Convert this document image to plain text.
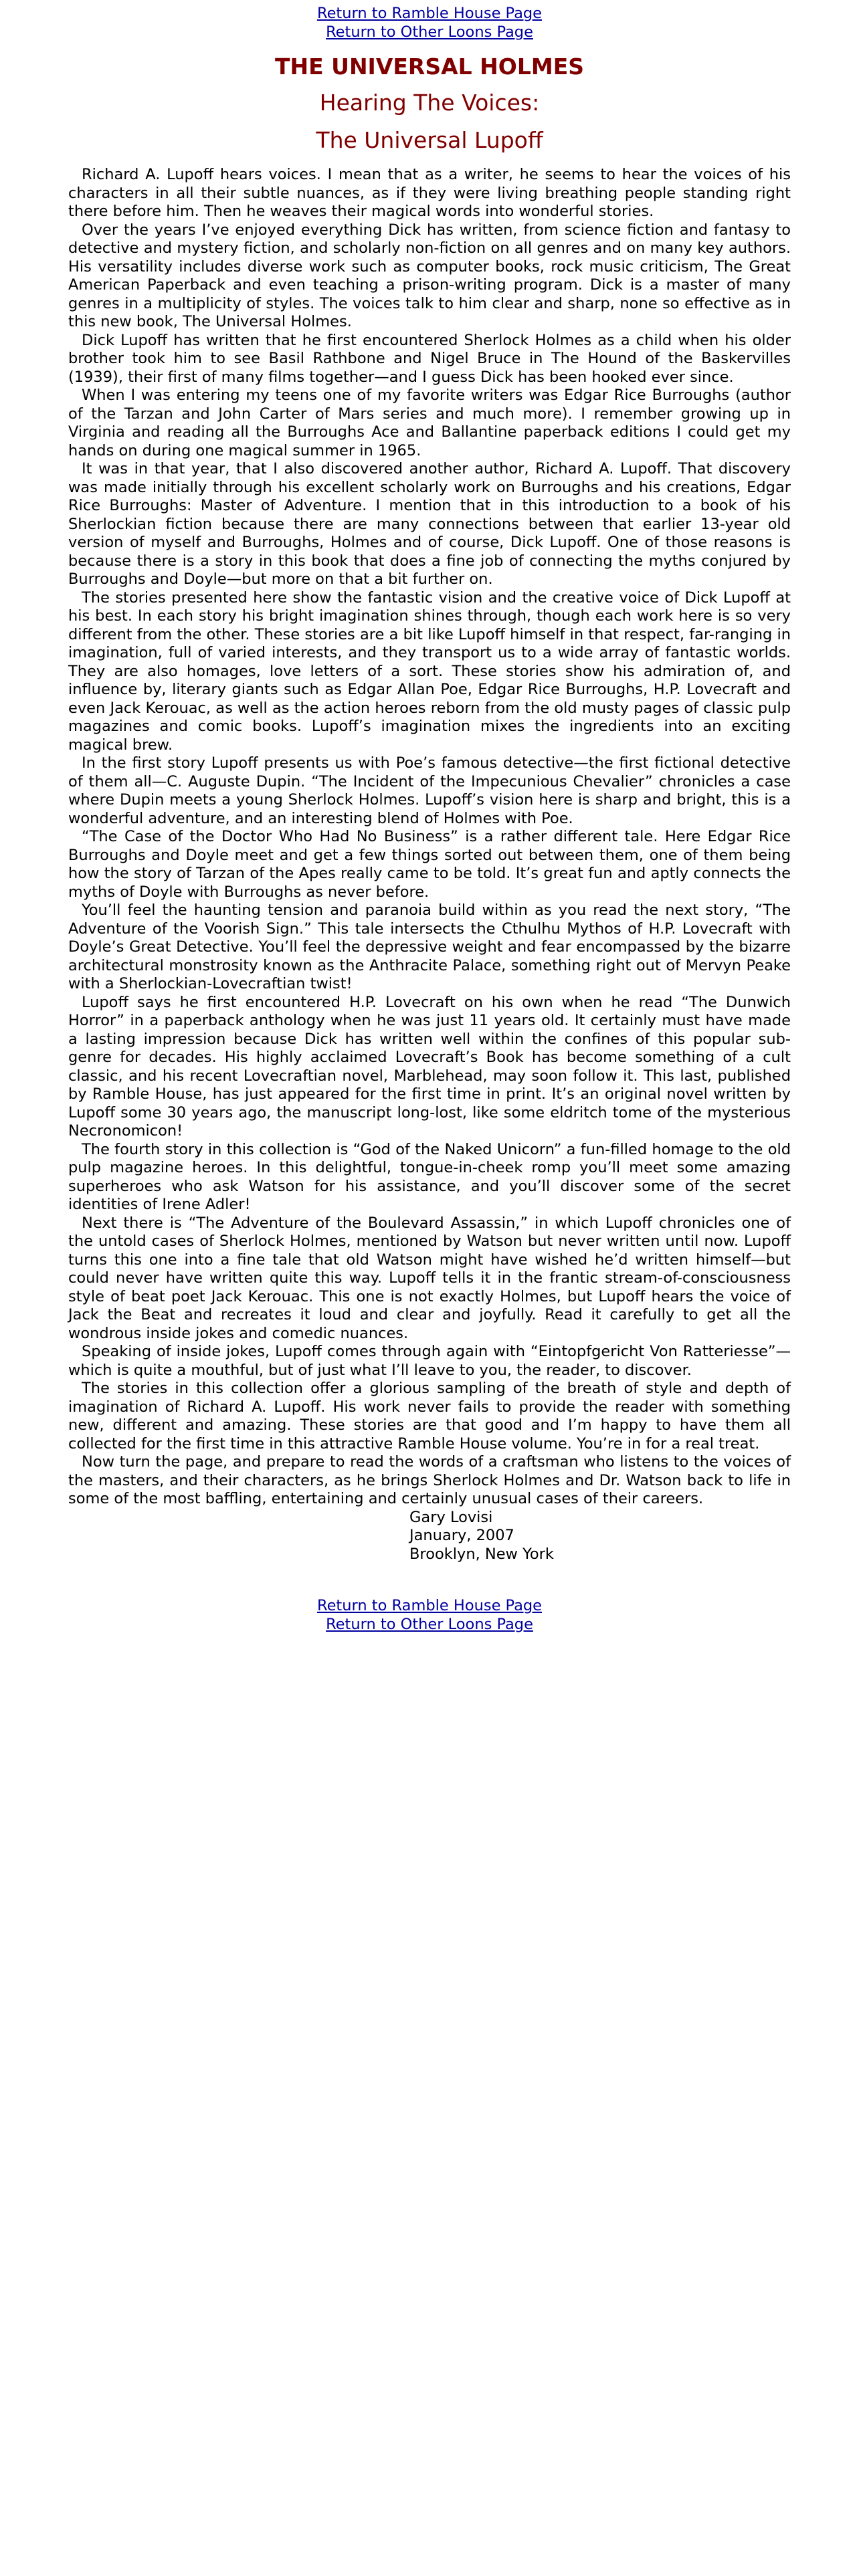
Return to Ramble House Page
Return to Other Loons Page
THE UNIVERSAL HOLMES
Hearing The Voices:
The Universal Lupoff

Richard A. Lupoff hears voices. I mean that as a writer, he seems to hear the voices of his characters in all their subtle nuances, as if they were living breathing people standing right there before him. Then he weaves their magical words into wonderful stories.

Over the years I’ve enjoyed everything Dick has written, from science fiction and fantasy to detective and mystery fiction, and scholarly non-fiction on all genres and on many key authors. His versatility includes diverse work such as computer books, rock music criticism, The Great American Paperback and even teaching a prison-writing program. Dick is a master of many genres in a multiplicity of styles. The voices talk to him clear and sharp, none so effective as in this new book, The Universal Holmes.

Dick Lupoff has written that he first encountered Sherlock Holmes as a child when his older brother took him to see Basil Rathbone and Nigel Bruce in The Hound of the Baskervilles (1939), their first of many films together—and I guess Dick has been hooked ever since.

When I was entering my teens one of my favorite writers was Edgar Rice Burroughs (author of the Tarzan and John Carter of Mars series and much more). I remember growing up in Virginia and reading all the Burroughs Ace and Ballantine paperback editions I could get my hands on during one magical summer in 1965.

It was in that year, that I also discovered another author, Richard A. Lupoff. That discovery was made initially through his excellent scholarly work on Burroughs and his creations, Edgar Rice Burroughs: Master of Adventure. I mention that in this introduction to a book of his Sherlockian fiction because there are many connections between that earlier 13-year old version of myself and Burroughs, Holmes and of course, Dick Lupoff. One of those reasons is because there is a story in this book that does a fine job of connecting the myths conjured by Burroughs and Doyle—but more on that a bit further on.

The stories presented here show the fantastic vision and the creative voice of Dick Lupoff at his best. In each story his bright imagination shines through, though each work here is so very different from the other. These stories are a bit like Lupoff himself in that respect, far-ranging in imagination, full of varied interests, and they transport us to a wide array of fantastic worlds. They are also homages, love letters of a sort. These stories show his admiration of, and influence by, literary giants such as Edgar Allan Poe, Edgar Rice Burroughs, H.P. Lovecraft and even Jack Kerouac, as well as the action heroes reborn from the old musty pages of classic pulp magazines and comic books. Lupoff’s imagination mixes the ingredients into an exciting magical brew.

In the first story Lupoff presents us with Poe’s famous detective—the first fictional detective of them all—C. Auguste Dupin. “The Incident of the Impecunious Chevalier” chronicles a case where Dupin meets a young Sherlock Holmes. Lupoff’s vision here is sharp and bright, this is a wonderful adventure, and an interesting blend of Holmes with Poe.

“The Case of the Doctor Who Had No Business” is a rather different tale. Here Edgar Rice Burroughs and Doyle meet and get a few things sorted out between them, one of them being how the story of Tarzan of the Apes really came to be told. It’s great fun and aptly connects the myths of Doyle with Burroughs as never before.

You’ll feel the haunting tension and paranoia build within as you read the next story, “The Adventure of the Voorish Sign.” This tale intersects the Cthulhu Mythos of H.P. Lovecraft with Doyle’s Great Detective. You’ll feel the depressive weight and fear encompassed by the bizarre architectural monstrosity known as the Anthracite Palace, something right out of Mervyn Peake with a Sherlockian-Lovecraftian twist!

Lupoff says he first encountered H.P. Lovecraft on his own when he read “The Dunwich Horror” in a paperback anthology when he was just 11 years old. It certainly must have made a lasting impression because Dick has written well within the confines of this popular sub-genre for decades. His highly acclaimed Lovecraft’s Book has become something of a cult classic, and his recent Lovecraftian novel, Marblehead, may soon follow it. This last, published by Ramble House, has just appeared for the first time in print. It’s an original novel written by Lupoff some 30 years ago, the manuscript long-lost, like some eldritch tome of the mysterious Necronomicon!

The fourth story in this collection is “God of the Naked Unicorn” a fun-filled homage to the old pulp magazine heroes. In this delightful, tongue-in-cheek romp you’ll meet some amazing superheroes who ask Watson for his assistance, and you’ll discover some of the secret identities of Irene Adler!

Next there is “The Adventure of the Boulevard Assassin,” in which Lupoff chronicles one of the untold cases of Sherlock Holmes, mentioned by Watson but never written until now. Lupoff turns this one into a fine tale that old Watson might have wished he’d written himself—but could never have written quite this way. Lupoff tells it in the frantic stream-of-consciousness style of beat poet Jack Kerouac. This one is not exactly Holmes, but Lupoff hears the voice of Jack the Beat and recreates it loud and clear and joyfully. Read it carefully to get all the wondrous inside jokes and comedic nuances.

Speaking of inside jokes, Lupoff comes through again with “Eintopfgericht Von Ratteriesse”—which is quite a mouthful, but of just what I’ll leave to you, the reader, to discover.

The stories in this collection offer a glorious sampling of the breath of style and depth of imagination of Richard A. Lupoff. His work never fails to provide the reader with something new, different and amazing. These stories are that good and I’m happy to have them all collected for the first time in this attractive Ramble House volume. You’re in for a real treat.

Now turn the page, and prepare to read the words of a craftsman who listens to the voices of the masters, and their characters, as he brings Sherlock Holmes and Dr. Watson back to life in some of the most baffling, entertaining and certainly unusual cases of their careers.

Gary Lovisi
January, 2007
Brooklyn, New York
Return to Ramble House Page
Return to Other Loons Page
